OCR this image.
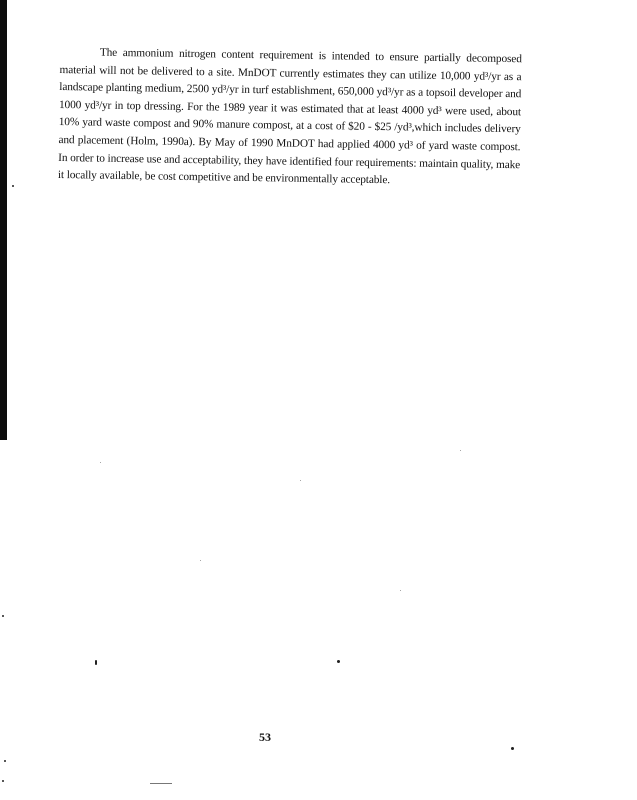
The ammonium nitrogen content requirement is intended to ensure partially decomposed material will not be delivered to a site. MnDOT currently estimates they can utilize 10,000 yd³/yr as a landscape planting medium, 2500 yd³/yr in turf establishment, 650,000 yd³/yr as a topsoil developer and 1000 yd³/yr in top dressing. For the 1989 year it was estimated that at least 4000 yd³ were used, about 10% yard waste compost and 90% manure compost, at a cost of $20 - $25 /yd³,which includes delivery and placement (Holm, 1990a). By May of 1990 MnDOT had applied 4000 yd³ of yard waste compost. In order to increase use and acceptability, they have identified four requirements: maintain quality, make it locally available, be cost competitive and be environmentally acceptable.

53
